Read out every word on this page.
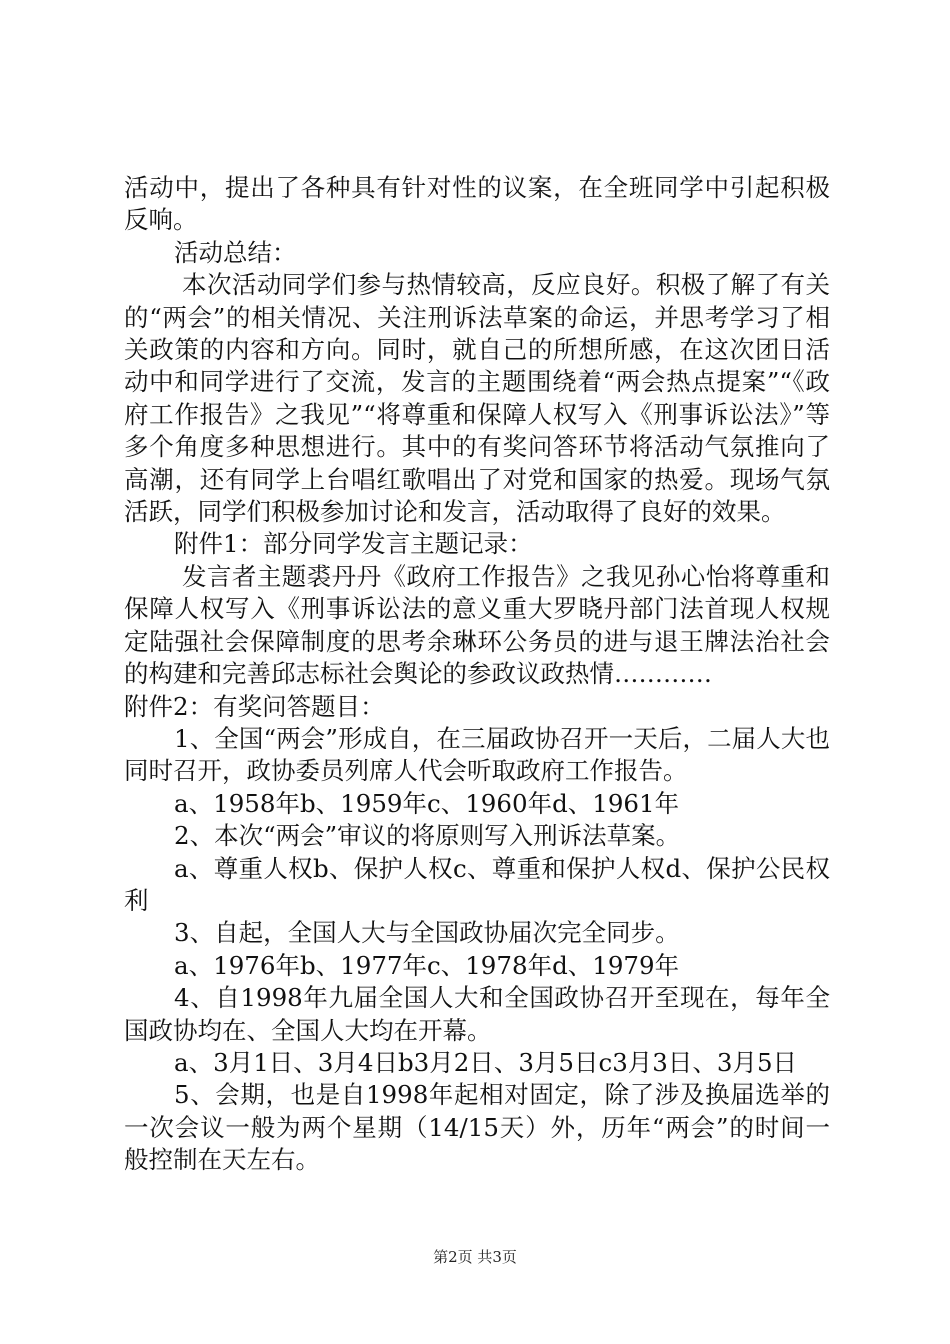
活动中，提出了各种具有针对性的议案，在全班同学中引起积极反响。

活动总结：

本次活动同学们参与热情较高，反应良好。积极了解了有关的“两会”的相关情况、关注刑诉法草案的命运，并思考学习了相关政策的内容和方向。同时，就自己的所想所感，在这次团日活动中和同学进行了交流，发言的主题围绕着“两会热点提案”“《政府工作报告》之我见”“将尊重和保障人权写入《刑事诉讼法》”等多个角度多种思想进行。其中的有奖问答环节将活动气氛推向了高潮，还有同学上台唱红歌唱出了对党和国家的热爱。现场气氛活跃，同学们积极参加讨论和发言，活动取得了良好的效果。

附件1：部分同学发言主题记录：

发言者主题裘丹丹《政府工作报告》之我见孙心怡将尊重和保障人权写入《刑事诉讼法的意义重大罗晓丹部门法首现人权规定陆强社会保障制度的思考余琳环公务员的进与退王牌法治社会的构建和完善邱志标社会舆论的参政议政热情…………

附件2：有奖问答题目：

1、全国“两会”形成自，在三届政协召开一天后，二届人大也同时召开，政协委员列席人代会听取政府工作报告。

a、1958年b、1959年c、1960年d、1961年

2、本次“两会”审议的将原则写入刑诉法草案。

a、尊重人权b、保护人权c、尊重和保护人权d、保护公民权利

3、自起，全国人大与全国政协届次完全同步。

a、1976年b、1977年c、1978年d、1979年

4、自1998年九届全国人大和全国政协召开至现在，每年全国政协均在、全国人大均在开幕。

a、3月1日、3月4日b3月2日、3月5日c3月3日、3月5日

5、会期，也是自1998年起相对固定，除了涉及换届选举的一次会议一般为两个星期（14/15天）外，历年“两会”的时间一般控制在天左右。

第2页 共3页
